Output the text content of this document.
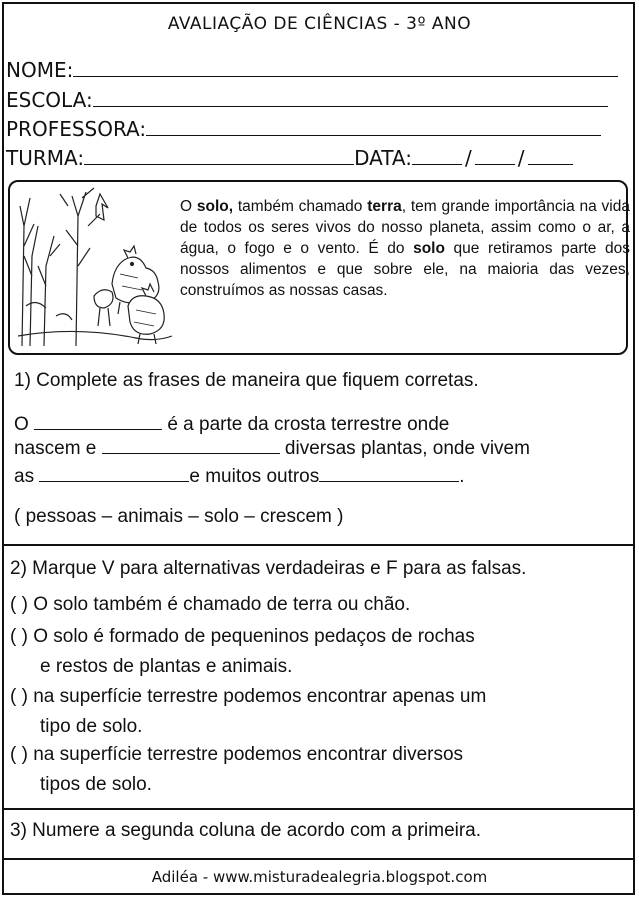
AVALIAÇÃO DE CIÊNCIAS - 3º ANO
NOME:
ESCOLA:
PROFESSORA:
TURMA:	DATA:	/ /
O solo, também chamado terra, tem grande importância na vida de todos os seres vivos do nosso planeta, assim como o ar, a água, o fogo e o vento. É do solo que retiramos parte dos nossos alimentos e que sobre ele, na maioria das vezes, construímos as nossas casas.
1) Complete as frases de maneira que fiquem corretas.
O	é a parte da crosta terrestre onde
nascem e	diversas plantas, onde vivem
as	e muitos outros	.
( pessoas – animais – solo – crescem )
2) Marque V para alternativas verdadeiras e F para as falsas.
( ) O solo também é chamado de terra ou chão.
( ) O solo é formado de pequeninos pedaços de rochas
e restos de plantas e animais.
( ) na superfície terrestre podemos encontrar apenas um
tipo de solo.
( ) na superfície terrestre podemos encontrar diversos
tipos de solo.
3) Numere a segunda coluna de acordo com a primeira.
Adiléa - www.misturadealegria.blogspot.com
